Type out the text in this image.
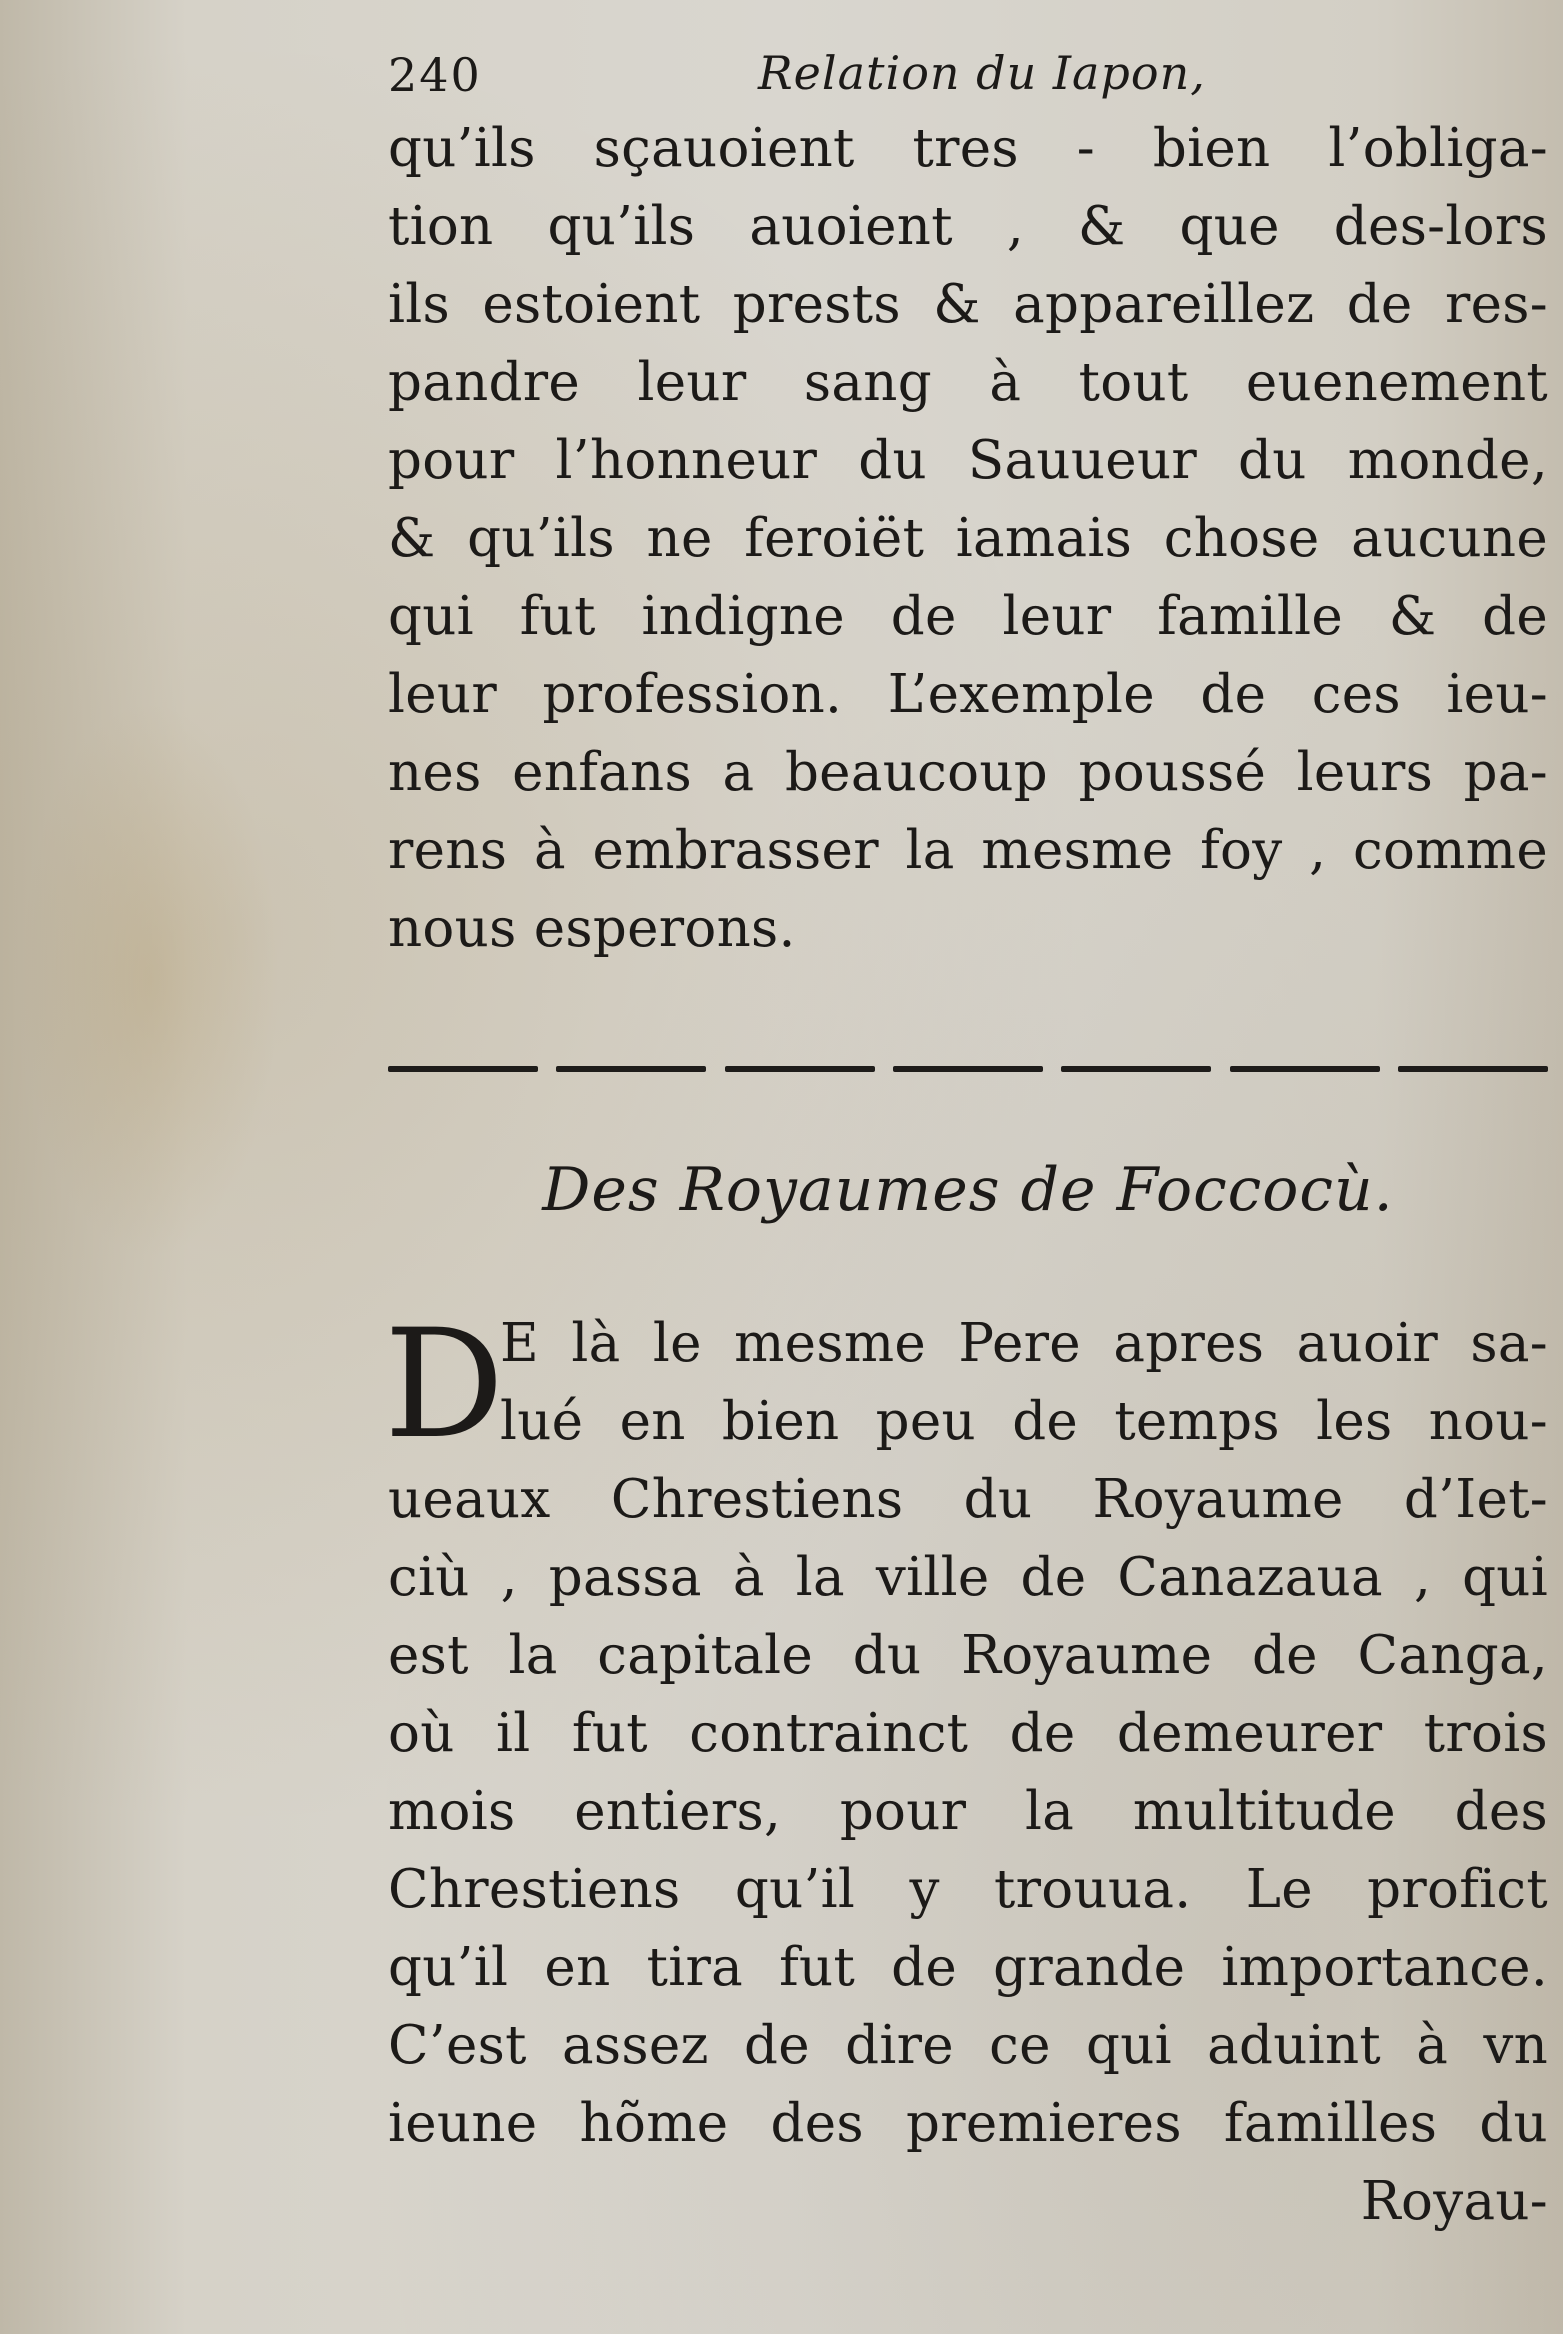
240	Relation du Iapon,
qu’ils sçauoient tres - bien l’obliga-
tion qu’ils auoient , & que des-lors
ils estoient prests & appareillez de res-
pandre leur sang à tout euenement
pour l’honneur du Sauueur du monde,
& qu’ils ne feroiët iamais chose aucune
qui fut indigne de leur famille & de
leur profession. L’exemple de ces ieu-
nes enfans a beaucoup poussé leurs pa-
rens à embrasser la mesme foy , comme
nous esperons.
Des Royaumes de Foccocù.
D
E là le mesme Pere apres auoir sa-
lué en bien peu de temps les nou-
ueaux Chrestiens du Royaume d’Iet-
ciù , passa à la ville de Canazaua , qui
est la capitale du Royaume de Canga,
où il fut contrainct de demeurer trois
mois entiers, pour la multitude des
Chrestiens qu’il y trouua. Le profict
qu’il en tira fut de grande importance.
C’est assez de dire ce qui aduint à vn
ieune hõme des premieres familles du
Royau-
